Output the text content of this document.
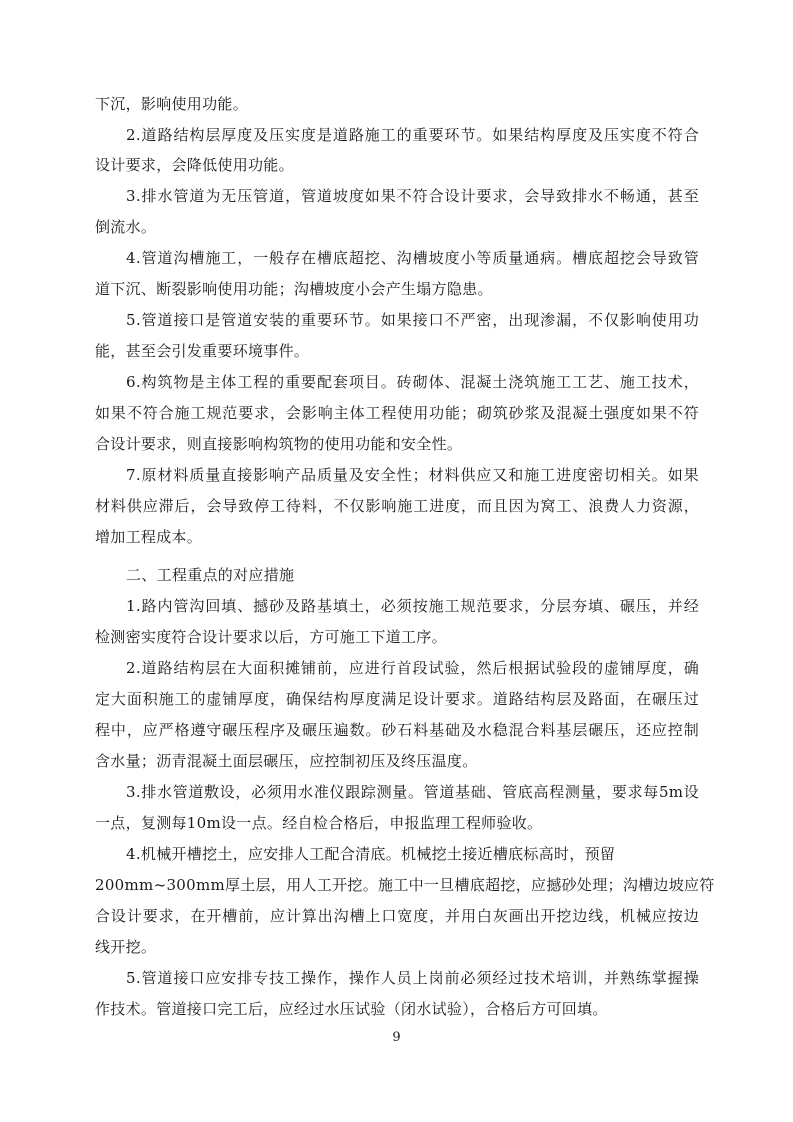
下沉，影响使用功能。
2.道路结构层厚度及压实度是道路施工的重要环节。如果结构厚度及压实度不符合
设计要求，会降低使用功能。
3.排水管道为无压管道，管道坡度如果不符合设计要求，会导致排水不畅通，甚至
倒流水。
4.管道沟槽施工，一般存在槽底超挖、沟槽坡度小等质量通病。槽底超挖会导致管
道下沉、断裂影响使用功能；沟槽坡度小会产生塌方隐患。
5.管道接口是管道安装的重要环节。如果接口不严密，出现渗漏，不仅影响使用功
能，甚至会引发重要环境事件。
6.构筑物是主体工程的重要配套项目。砖砌体、混凝土浇筑施工工艺、施工技术，
如果不符合施工规范要求，会影响主体工程使用功能；砌筑砂浆及混凝土强度如果不符
合设计要求，则直接影响构筑物的使用功能和安全性。
7.原材料质量直接影响产品质量及安全性；材料供应又和施工进度密切相关。如果
材料供应滞后，会导致停工待料，不仅影响施工进度，而且因为窝工、浪费人力资源，
增加工程成本。
二、工程重点的对应措施
1.路内管沟回填、撼砂及路基填土，必须按施工规范要求，分层夯填、碾压，并经
检测密实度符合设计要求以后，方可施工下道工序。
2.道路结构层在大面积摊铺前，应进行首段试验，然后根据试验段的虚铺厚度，确
定大面积施工的虚铺厚度，确保结构厚度满足设计要求。道路结构层及路面，在碾压过
程中，应严格遵守碾压程序及碾压遍数。砂石料基础及水稳混合料基层碾压，还应控制
含水量；沥青混凝土面层碾压，应控制初压及终压温度。
3.排水管道敷设，必须用水准仪跟踪测量。管道基础、管底高程测量，要求每5m设
一点，复测每10m设一点。经自检合格后，申报监理工程师验收。
4.机械开槽挖土，应安排人工配合清底。机械挖土接近槽底标高时，预留
200mm~300mm厚土层，用人工开挖。施工中一旦槽底超挖，应撼砂处理；沟槽边坡应符
合设计要求，在开槽前，应计算出沟槽上口宽度，并用白灰画出开挖边线，机械应按边
线开挖。
5.管道接口应安排专技工操作，操作人员上岗前必须经过技术培训，并熟练掌握操
作技术。管道接口完工后，应经过水压试验（闭水试验），合格后方可回填。
9
